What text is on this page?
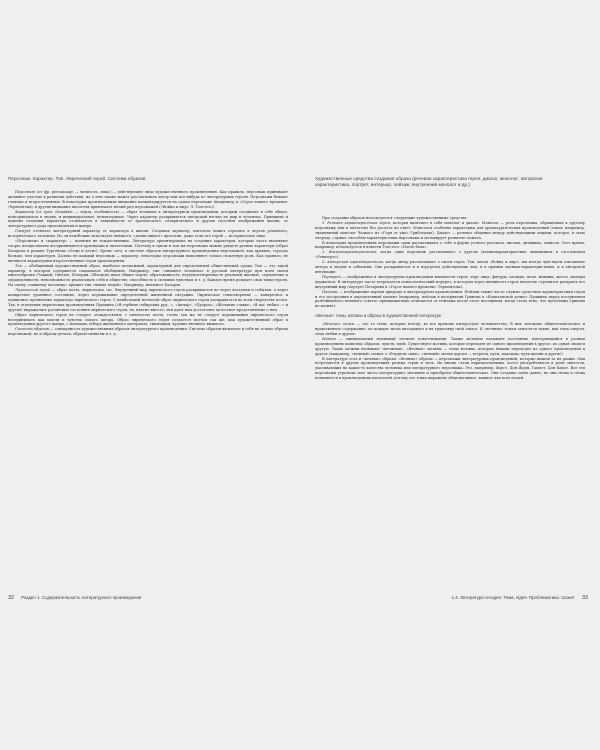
Персонаж. Характер. Тип. Лирический герой. Система образов

Персонаж (от фр. personnage — личность, лицо) — действующее лицо художественного произведения. Как правило, персонаж принимает активное участие в развитии действия, но о нем также может рассказывать автор или кто-нибудь из литературных героев. Персонажи бывают главные и второстепенные. В некоторых произведениях внимание концентрируется на одном персонаже (например, в «Герое нашего времени» Лермонтова), в других внимание писателя привлекает целый ряд персонажей («Война и мир» Л. Толстого).

Характер (от греч. charakter — черта, особенность) — образ человека в литературном произведении, который соединяет в себе общее, повторяющееся в людях, и индивидуальное, неповторимое. Через характер раскрывается авторский взгляд на мир и человека. Принципы и приемы создания характера отличаются в зависимости от трагического, сатирического и других способов изображения жизни, от литературного рода произведения и жанра.

Следует отличать литературный характер от характера в жизни. Создавая характер, писатель может отразить в чертах реального, исторического человека. Но он неизбежно использует вымысел, «домысливает» прототип, даже если его герой — историческое лицо.

«Персонаж» и «характер» — понятия не тождественные. Литература ориентирована на создание характеров, которые часто вызывают споры, неоднозначно воспринимаются критиками и читателями. Поэтому в одном и том же персонаже можно увидеть разные характеры (образ Базарова в романе Тургенева «Отцы и дети»). Кроме того, в системе образов литературного произведения персонажей, как правило, гораздо больше, чем характеров. Далеко не каждый персонаж — характер, некоторые персонажи выполняют только сюжетную роль. Как правило, не являются характерами второстепенные герои произведения.

Тип — обобщенный художественный образ, наиболее возможный, характерный для определенной общественной среды. Тип — это такой характер, в котором содержится социальное обобщение. Например, тип «лишнего человека» в русской литературе при всем своем многообразии (Чацкий, Онегин, Печорин, Обломов) имел общие черты: образованность, неудовлетворенность реальной жизнью, стремление к справедливости, невозможность реализовать себя в обществе, способность к сильным чувствам и т. д. Каждое время рождает свои типы героев. На смену «лишнему человеку» пришел тип «новых людей». Например, нигилист Базаров.

Лирический герой — образ поэта, лирическое «я». Внутренний мир лирического героя раскрывается не через поступки и события, а через конкретное душевное состояние, через переживание определенной жизненной ситуации. Лирическое стихотворение — конкретное и единичное проявление характера лирического героя. С наибольшей полнотой образ лирического героя раскрывается во всем творчестве поэта. Так, в отдельных лирических произведениях Пушкина («В глубине сибирских руд...», «Анчар», «Пророк», «Желание славы», «Я вас любил...» и другие) выражались различные состояния лирического героя, но, взятые вместе, они дают нам достаточно целостное представление о нем.

Образ лирического героя не следует отождествлять с личностью поэта, точно так же не следует переживания лирического героя воспринимать как мысли и чувства самого автора. Образ лирического героя создается поэтом так же, как художественный образ в произведении другого жанра, с помощью отбора жизненного материала, типизации, художественного вымысла.

Система образов — совокупность художественных образов литературного произведения. Система образов включает в себя не только образы персонажей, но и образы-детали, образы-символы и т. д.

32 Раздел 1. Содержательность литературного произведения
Художественные средства создания образа (речевая характеристика героя: диалог, монолог; авторская
характеристика, портрет, интерьер, пейзаж; внутренний монолог и др.)

При создании образов используются следующие художественные средства:

1. Речевая характеристика героя, которая включает в себя монолог и диалог. Монолог — речь персонажа, обращенная к другому персонажу или к читателю без расчета на ответ. Монологи особенно характерны для драматургических произведений (таков, например, знаменитый монолог Чацкого из «Горя от ума» Грибоедова). Диалог — речевое общение между действующими лицами, которое, в свою очередь, служит способом характеристики персонажа и мотивирует развитие сюжета.

В некоторых произведениях персонажи сами рассказывают о себе в форме устного рассказа, письма, дневника, записок. Этот прием, например, используется в повести Толстого «После бала».

2. Взаимохарактеристика, когда один персонаж рассказывает о другом (взаимохарактеристика чиновников в гоголевском «Ревизоре»).

3. Авторская характеристика, когда автор рассказывает о своем герое. Так, читая «Войну и мир», мы всегда чувствуем отношение автора к людям и событиям. Оно раскрывается и в портретах действующих лиц, и в прямых оценках-характеристиках, и в авторской интонации.

Портрет — изображение в литературном произведении внешности героя: черт лица, фигуры, одежды, позы, мимики, жеста, манеры держаться. В литературе часто встречается психологический портрет, в котором через внешность героя писатель стремится раскрыть его внутренний мир (портрет Печорина в «Герое нашего времени» Лермонтова).

Пейзаж — изображение картин природы в литературном произведении. Пейзаж также часто служит средством характеристики героя и его построения в определенный момент (например, пейзаж в восприятии Гринева в «Капитанской дочке» Пушкина перед посещением разбойничьего военного совета» принципиально отличается от пейзажа после этого посещения, когда стало ясно, что пугачевцы Гринева не казнят).

«Вечные» темы, мотивы и образы в художественной литературе

«Вечные» темы — это те темы, которые всегда, во все времена интересуют человечество. В них заложено общечеловеческое и нравственное содержание, но каждая эпоха вкладывает в их трактовку свой смысл. К «вечным» темам относятся такие, как тема смерти, тема любви и другие.

Мотив — минимальный значимый элемент повествования. Также мотивом называют постоянно повторяющийся в разных произведениях комплекс образов, чувств, идей. Существуют мотивы, которые переходят из одного произведения в другое, из одной эпохи в другую. Такие мотивы называют «вечными». «Вечные» мотивы — темы мотивы, которые веками переходят из одного произведения в другое (например, «вечный» сюжет о «блудном сыне», «вечный» мотив дороги — встречи, пути, надежды, пути жизни и другие).

В литературе есть и «вечные» образы. «Вечные» образы — персонажи литературных произведений, которые вышли за их рамки. Они встречаются в других произведениях разных стран и эпох. Их имена стали нарицательными, часто употребляются в роли эпитетов, указывающих на какие-то качества человека или литературного персонажа. Это, например, Фауст, Дон Жуан, Гамлет, Дон Кихот. Все эти персонажи утратили свое чисто литературное значение и приобрели общечеловеческое. Они созданы очень давно, но они снова и снова появляются в произведениях писателей, потому что в них выражено общезначимое, важное для всех людей.

1.4. Литература сегодня. Тема. Идея. Проблематика. Сюжет 33
